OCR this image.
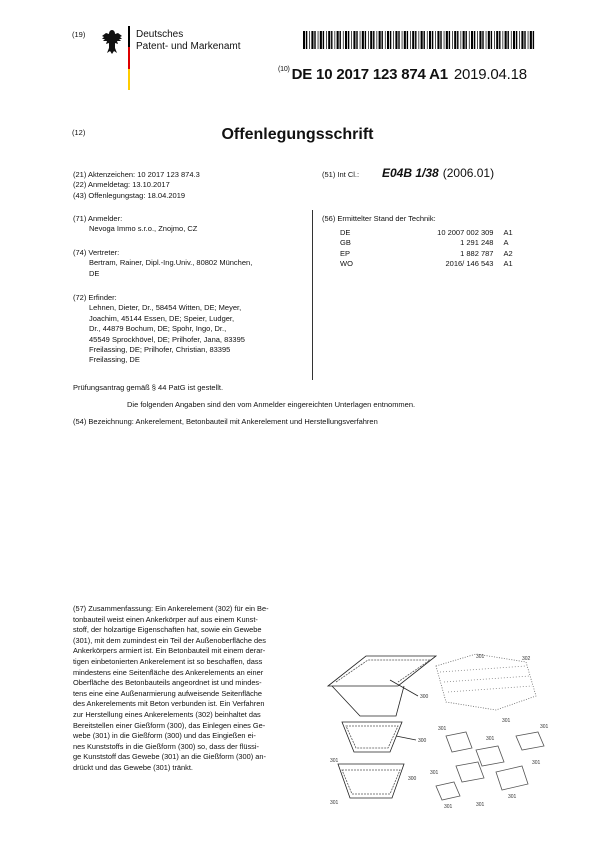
(19)	Deutsches
Patent- und Markenamt
$^{(10)}$ DE 10 2017 123 874 A1 2019.04.18
(12)	Offenlegungsschrift
(21) Aktenzeichen: 10 2017 123 874.3
(22) Anmeldetag: 13.10.2017
(43) Offenlegungstag: 18.04.2019
(51) Int Cl.: E04B 1/38 (2006.01)
(71) Anmelder:
Nevoga Immo s.r.o., Znojmo, CZ
(74) Vertreter:
Bertram, Rainer, Dipl.-Ing.Univ., 80802 München,
DE
(72) Erfinder:
Lehnen, Dieter, Dr., 58454 Witten, DE; Meyer,
Joachim, 45144 Essen, DE; Speier, Ludger,
Dr., 44879 Bochum, DE; Spohr, Ingo, Dr.,
45549 Sprockhövel, DE; Prilhofer, Jana, 83395
Freilassing, DE; Prilhofer, Christian, 83395
Freilassing, DE
(56) Ermittelter Stand der Technik:
DE	10 2007 002 309	A1
GB	1 291 248	A
EP	1 882 787	A2
WO	2016/ 146 543	A1
Prüfungsantrag gemäß § 44 PatG ist gestellt.
Die folgenden Angaben sind den vom Anmelder eingereichten Unterlagen entnommen.
(54) Bezeichnung: Ankerelement, Betonbauteil mit Ankerelement und Herstellungsverfahren
(57) Zusammenfassung: Ein Ankerelement (302) für ein Be-
tonbauteil weist einen Ankerkörper auf aus einem Kunst-
stoff, der holzartige Eigenschaften hat, sowie ein Gewebe
(301), mit dem zumindest ein Teil der Außenoberfläche des
Ankerkörpers armiert ist. Ein Betonbauteil mit einem derar-
tigen einbetonierten Ankerelement ist so beschaffen, dass
mindestens eine Seitenfläche des Ankerelements an einer
Oberfläche des Betonbauteils angeordnet ist und mindes-
tens eine eine Außenarmierung aufweisende Seitenfläche
des Ankerelements mit Beton verbunden ist. Ein Verfahren
zur Herstellung eines Ankerelements (302) beinhaltet das
Bereitstellen einer Gießform (300), das Einlegen eines Ge-
webe (301) in die Gießform (300) und das Eingießen ei-
nes Kunststoffs in die Gießform (300) so, dass der flüssi-
ge Kunststoff das Gewebe (301) an die Gießform (300) an-
drückt und das Gewebe (301) tränkt.
300
301
302
301
300
300
301
301
301
301
301
301	301
301
301
301
